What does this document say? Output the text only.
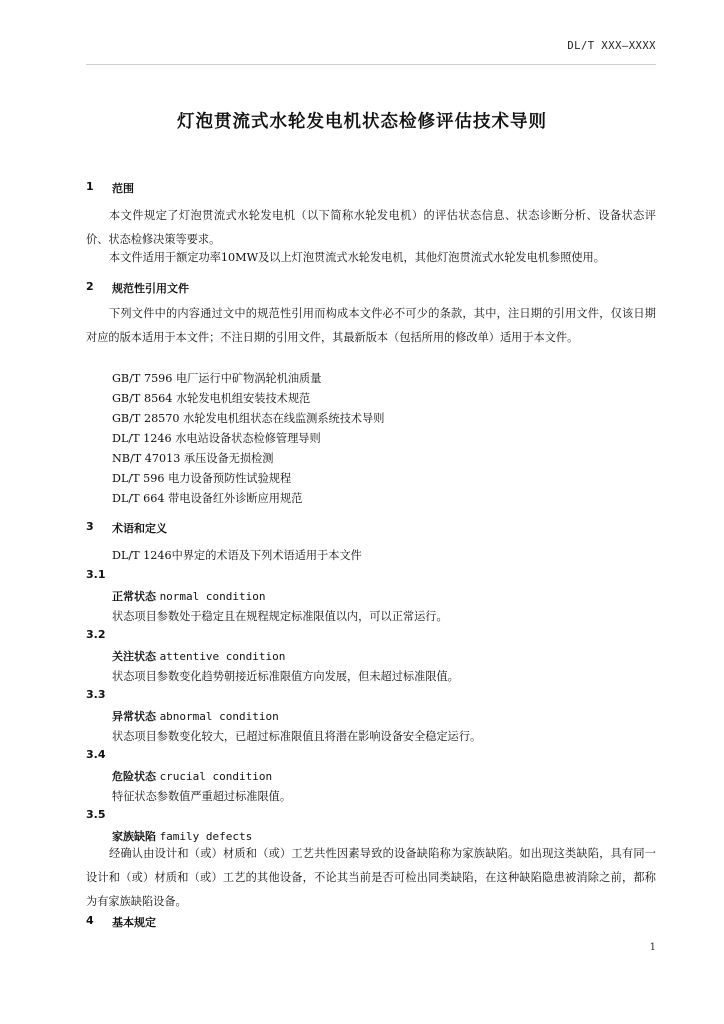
DL/T XXX—XXXX
灯泡贯流式水轮发电机状态检修评估技术导则
1 范围
本文件规定了灯泡贯流式水轮发电机（以下简称水轮发电机）的评估状态信息、状态诊断分析、设备状态评价、状态检修决策等要求。
本文件适用于额定功率10MW及以上灯泡贯流式水轮发电机，其他灯泡贯流式水轮发电机参照使用。
2 规范性引用文件
下列文件中的内容通过文中的规范性引用而构成本文件必不可少的条款，其中，注日期的引用文件，仅该日期对应的版本适用于本文件；不注日期的引用文件，其最新版本（包括所用的修改单）适用于本文件。
GB/T 7596 电厂运行中矿物涡轮机油质量
GB/T 8564 水轮发电机组安装技术规范
GB/T 28570 水轮发电机组状态在线监测系统技术导则
DL/T 1246 水电站设备状态检修管理导则
NB/T 47013 承压设备无损检测
DL/T 596 电力设备预防性试验规程
DL/T 664 带电设备红外诊断应用规范
3 术语和定义
DL/T 1246中界定的术语及下列术语适用于本文件
3.1
正常状态 normal condition
状态项目参数处于稳定且在规程规定标准限值以内，可以正常运行。
3.2
关注状态 attentive condition
状态项目参数变化趋势朝接近标准限值方向发展，但未超过标准限值。
3.3
异常状态 abnormal condition
状态项目参数变化较大，已超过标准限值且将潜在影响设备安全稳定运行。
3.4
危险状态 crucial condition
特征状态参数值严重超过标准限值。
3.5
家族缺陷 family defects
经确认由设计和（或）材质和（或）工艺共性因素导致的设备缺陷称为家族缺陷。如出现这类缺陷，具有同一设计和（或）材质和（或）工艺的其他设备，不论其当前是否可检出同类缺陷，在这种缺陷隐患被消除之前，都称为有家族缺陷设备。
4 基本规定
1
